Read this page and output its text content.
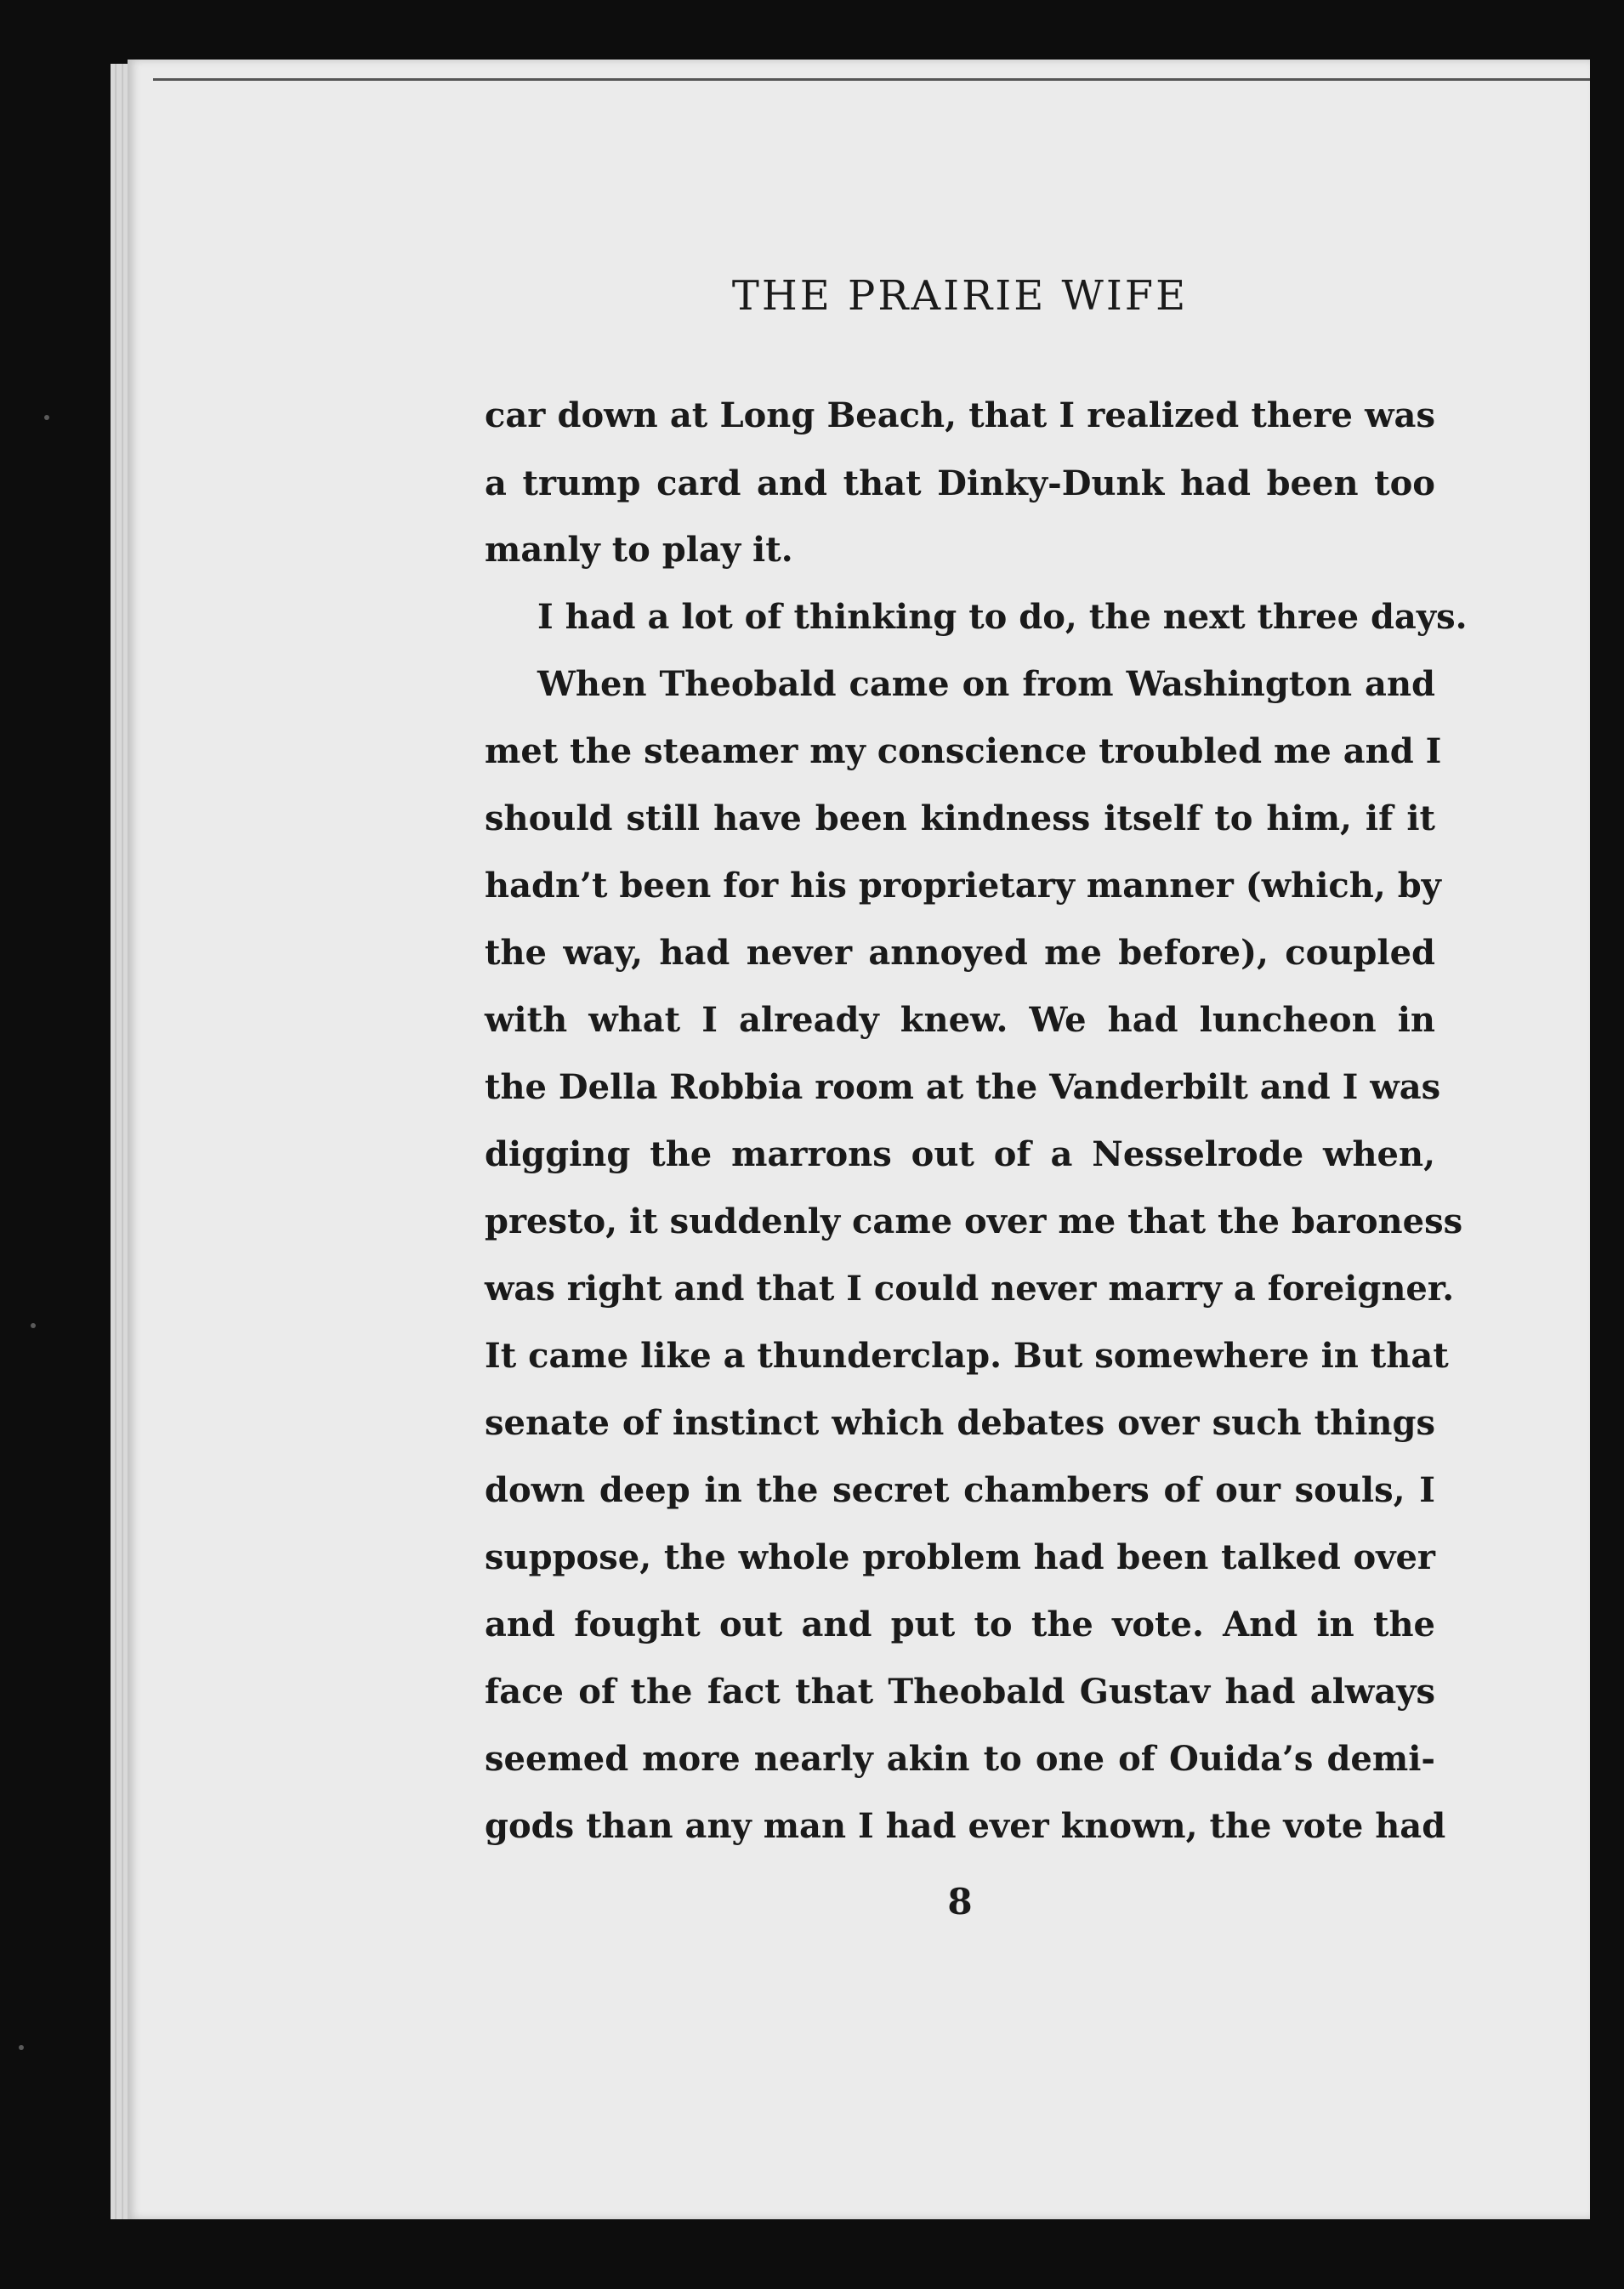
THE PRAIRIE WIFE
car down at Long Beach, that I realized there was
a trump card and that Dinky-Dunk had been too
manly to play it.
I had a lot of thinking to do, the next three days.
When Theobald came on from Washington and
met the steamer my conscience troubled me and I
should still have been kindness itself to him, if it
hadn’t been for his proprietary manner (which, by
the way, had never annoyed me before), coupled
with what I already knew. We had luncheon in
the Della Robbia room at the Vanderbilt and I was
digging the marrons out of a Nesselrode when,
presto, it suddenly came over me that the baroness
was right and that I could never marry a foreigner.
It came like a thunderclap. But somewhere in that
senate of instinct which debates over such things
down deep in the secret chambers of our souls, I
suppose, the whole problem had been talked over
and fought out and put to the vote. And in the
face of the fact that Theobald Gustav had always
seemed more nearly akin to one of Ouida’s demi-
gods than any man I had ever known, the vote had
8
